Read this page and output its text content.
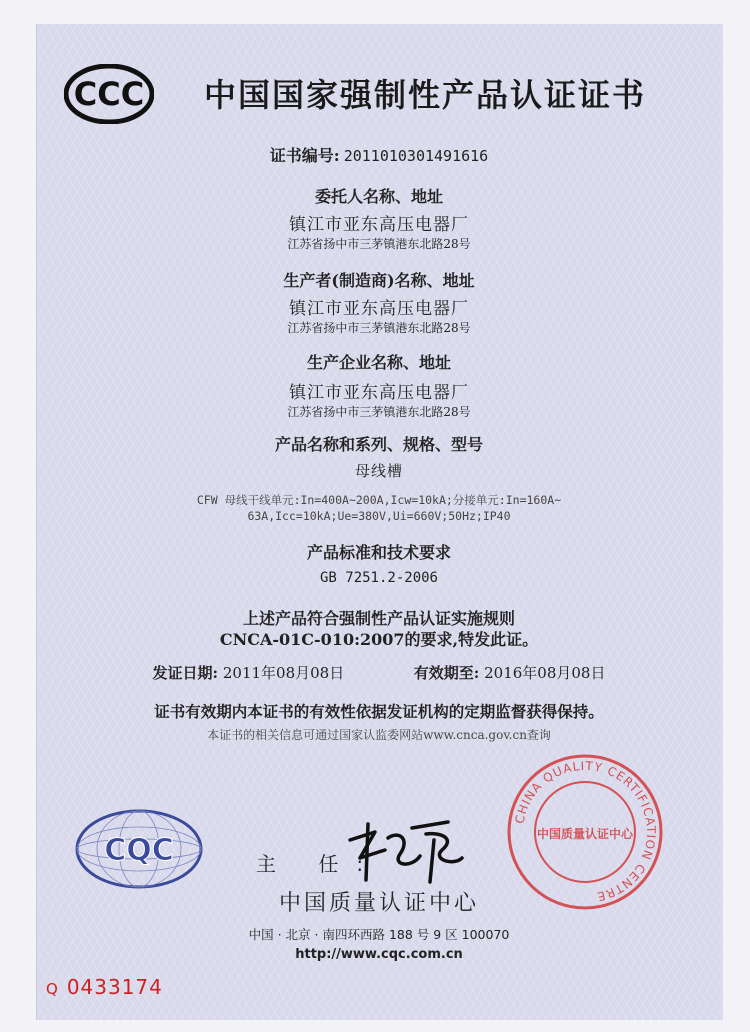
CCC	中国国家强制性产品认证证书
证书编号: 2011010301491616
委托人名称、地址
镇江市亚东高压电器厂
江苏省扬中市三茅镇港东北路28号
生产者(制造商)名称、地址
镇江市亚东高压电器厂
江苏省扬中市三茅镇港东北路28号
生产企业名称、地址
镇江市亚东高压电器厂
江苏省扬中市三茅镇港东北路28号
产品名称和系列、规格、型号
母线槽
CFW 母线干线单元:In=400A~200A,Icw=10kA;分接单元:In=160A~
63A,Icc=10kA;Ue=380V,Ui=660V;50Hz;IP40
产品标准和技术要求
GB 7251.2-2006
上述产品符合强制性产品认证实施规则
CNCA-01C-010:2007的要求,特发此证。
发证日期: 2011年08月08日	有效期至: 2016年08月08日
证书有效期内本证书的有效性依据发证机构的定期监督获得保持。
本证书的相关信息可通过国家认监委网站www.cnca.gov.cn查询
CQC	主 任:
中国质量认证中心
中国 · 北京 · 南四环西路 188 号 9 区 100070
http://www.cqc.com.cn
CHINA QUALITY CERTIFICATION CENTRE
中国质量认证中心
Q 0433174
